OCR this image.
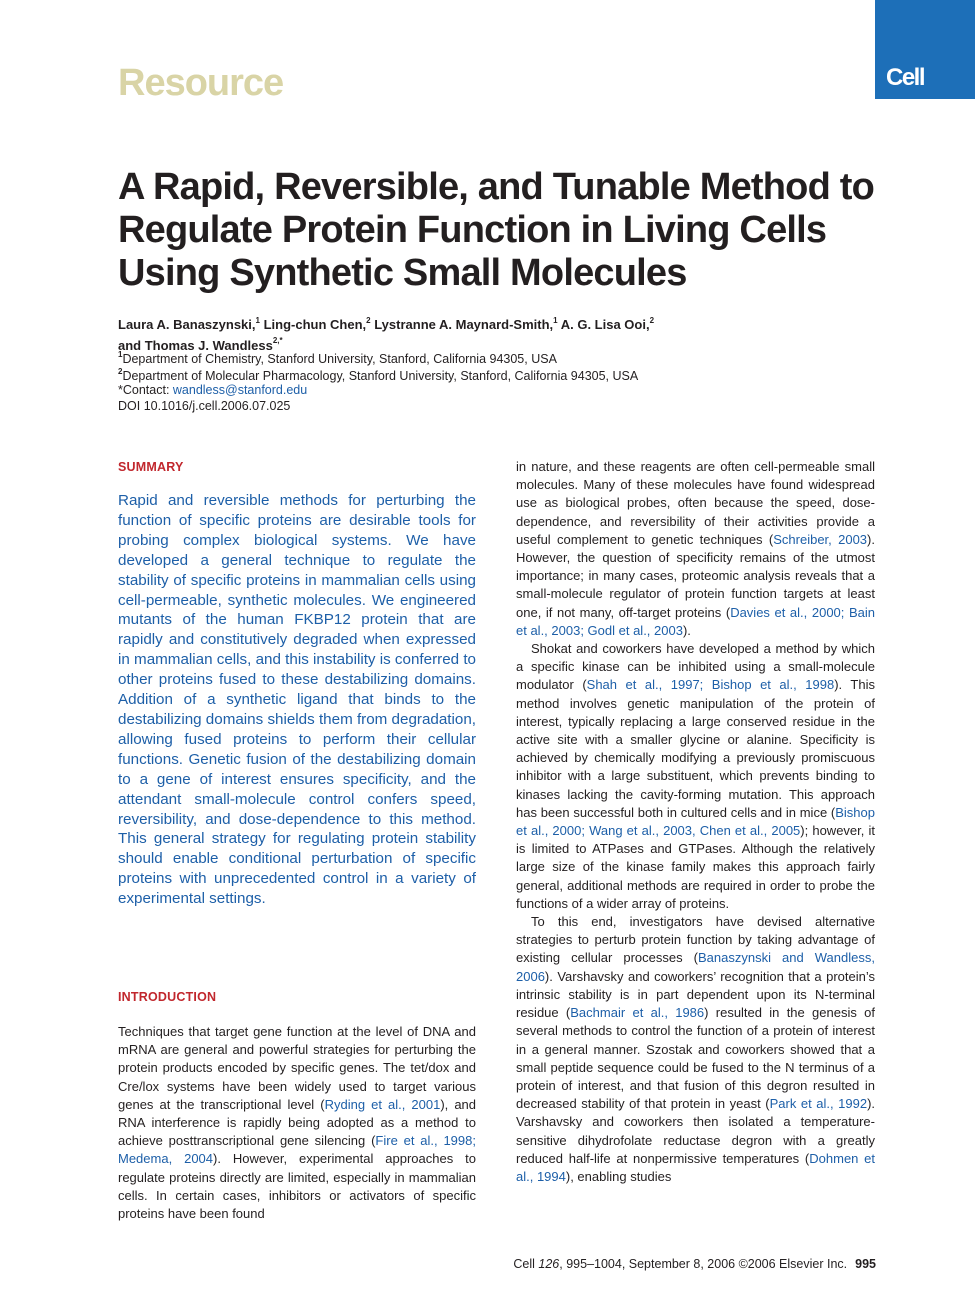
Resource	Cell
A Rapid, Reversible, and Tunable Method to Regulate Protein Function in Living Cells Using Synthetic Small Molecules
Laura A. Banaszynski,$^1$ Ling-chun Chen,$^2$ Lystranne A. Maynard-Smith,$^1$ A. G. Lisa Ooi,$^2$
and Thomas J. Wandless$^{2,*}$
$^1$Department of Chemistry, Stanford University, Stanford, California 94305, USA
$^2$Department of Molecular Pharmacology, Stanford University, Stanford, California 94305, USA
*Contact: wandless@stanford.edu
DOI 10.1016/j.cell.2006.07.025
SUMMARY

Rapid and reversible methods for perturbing the function of specific proteins are desirable tools for probing complex biological systems. We have developed a general technique to regulate the stability of specific proteins in mammalian cells using cell-permeable, synthetic molecules. We engineered mutants of the human FKBP12 protein that are rapidly and constitutively degraded when expressed in mammalian cells, and this instability is conferred to other proteins fused to these destabilizing domains. Addition of a synthetic ligand that binds to the destabilizing domains shields them from degradation, allowing fused proteins to perform their cellular functions. Genetic fusion of the destabilizing domain to a gene of interest ensures specificity, and the attendant small-molecule control confers speed, reversibility, and dose-dependence to this method. This general strategy for regulating protein stability should enable conditional perturbation of specific proteins with unprecedented control in a variety of experimental settings.

INTRODUCTION

Techniques that target gene function at the level of DNA and mRNA are general and powerful strategies for perturbing the protein products encoded by specific genes. The tet/dox and Cre/lox systems have been widely used to target various genes at the transcriptional level (Ryding et al., 2001), and RNA interference is rapidly being adopted as a method to achieve posttranscriptional gene silencing (Fire et al., 1998; Medema, 2004). However, experimental approaches to regulate proteins directly are limited, especially in mammalian cells. In certain cases, inhibitors or activators of specific proteins have been found

in nature, and these reagents are often cell-permeable small molecules. Many of these molecules have found widespread use as biological probes, often because the speed, dose-dependence, and reversibility of their activities provide a useful complement to genetic techniques (Schreiber, 2003). However, the question of specificity remains of the utmost importance; in many cases, proteomic analysis reveals that a small-molecule regulator of protein function targets at least one, if not many, off-target proteins (Davies et al., 2000; Bain et al., 2003; Godl et al., 2003).

Shokat and coworkers have developed a method by which a specific kinase can be inhibited using a small-molecule modulator (Shah et al., 1997; Bishop et al., 1998). This method involves genetic manipulation of the protein of interest, typically replacing a large conserved residue in the active site with a smaller glycine or alanine. Specificity is achieved by chemically modifying a previously promiscuous inhibitor with a large substituent, which prevents binding to kinases lacking the cavity-forming mutation. This approach has been successful both in cultured cells and in mice (Bishop et al., 2000; Wang et al., 2003, Chen et al., 2005); however, it is limited to ATPases and GTPases. Although the relatively large size of the kinase family makes this approach fairly general, additional methods are required in order to probe the functions of a wider array of proteins.

To this end, investigators have devised alternative strategies to perturb protein function by taking advantage of existing cellular processes (Banaszynski and Wandless, 2006). Varshavsky and coworkers’ recognition that a protein’s intrinsic stability is in part dependent upon its N-terminal residue (Bachmair et al., 1986) resulted in the genesis of several methods to control the function of a protein of interest in a general manner. Szostak and coworkers showed that a small peptide sequence could be fused to the N terminus of a protein of interest, and that fusion of this degron resulted in decreased stability of that protein in yeast (Park et al., 1992). Varshavsky and coworkers then isolated a temperature-sensitive dihydrofolate reductase degron with a greatly reduced half-life at nonpermissive temperatures (Dohmen et al., 1994), enabling studies

Cell 126, 995–1004, September 8, 2006 ©2006 Elsevier Inc. 995
